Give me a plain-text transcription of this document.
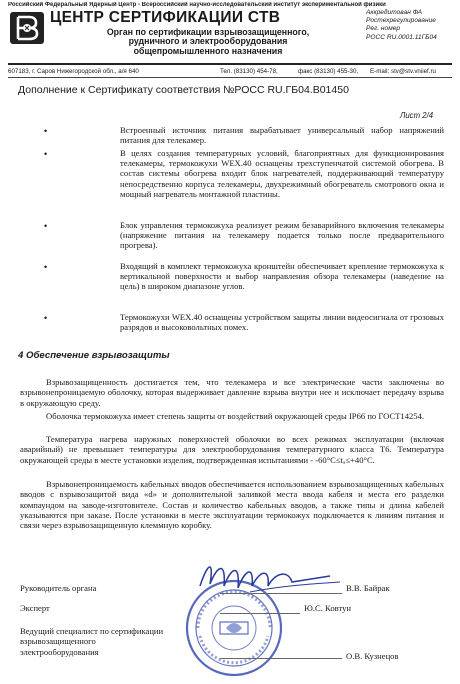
Российский Федеральный Ядерный Центр - Всероссийский научно-исследовательский институт экспериментальной физики
ЦЕНТР СЕРТИФИКАЦИИ СТВ
Орган по сертификации взрывозащищенного,
рудничного и электрооборудования
общепромышленного назначения
Аккредитован ФА
Ростехрегулирование
Рег. номер
РОСС RU.0001.11ГБ04
607183, г. Саров Нижегородской обл., а/я 640	Тел. (83130) 454-78,	факс (83130) 455-30, E-mail: stv@stv.vniief.ru
Дополнение к Сертификату соответствия №РОСС RU.ГБ04.В01450
Лист 2/4
•	Встроенный источник питания вырабатывает универсальный набор напряжений питания для телекамер.
•	В целях создания температурных условий, благоприятных для функционирования телекамеры, термокожухи WEX.40 оснащены трехступенчатой системой обогрева. В состав системы обогрева входит блок нагревателей, поддерживающий температуру непосредственно корпуса телекамеры, двухрежимный обогреватель смотрового окна и мощный нагреватель монтажной пластины.
•	Блок управления термокожуха реализует режим безаварийного включения телекамеры (напряжение питания на телекамеру подается только после предварительного прогрева).
•	Входящий в комплект термокожуха кронштейн обеспечивает крепление термокожуха к вертикальной поверхности и выбор направления обзора телекамеры (наведение на цель) в широком диапазоне углов.
•	Термокожухи WEX.40 оснащены устройством защиты линии видеосигнала от грозовых разрядов и высоковольтных помех.
4 Обеспечение взрывозащиты
Взрывозащищенность достигается тем, что телекамера и все электрические части заключены во взрывонепроницаемую оболочку, которая выдерживает давление взрыва внутри нее и исключает передачу взрыва в окружающую среду.
Оболочка термокожуха имеет степень защиты от воздействий окружающей среды IP66 по ГОСТ14254.
Температура нагрева наружных поверхностей оболочки во всех режимах эксплуатации (включая аварийный) не превышает температуры для электрооборудования температурного класса Т6. Температура окружающей среды в месте установки изделия, подтвержденная испытаниями - -60°С≤tₐ≤+40°С.
Взрывонепроницаемость кабельных вводов обеспечивается использованием взрывозащищенных кабельных вводов с взрывозащитой вида «d» и дополнительной заливкой места ввода кабеля и места его разделки компаундом на заводе-изготовителе. Состав и количество кабельных вводов, а также типы и длина кабелей указываются при заказе. После установки в месте эксплуатации термокожух подключается к линиям питания и связи через взрывозащищенную клеммную коробку.
Руководитель органа	В.В. Байрак
Эксперт	Ю.С. Ковтун
Ведущий специалист по сертификации взрывозащищенного электрооборудования	О.В. Кузнецов
